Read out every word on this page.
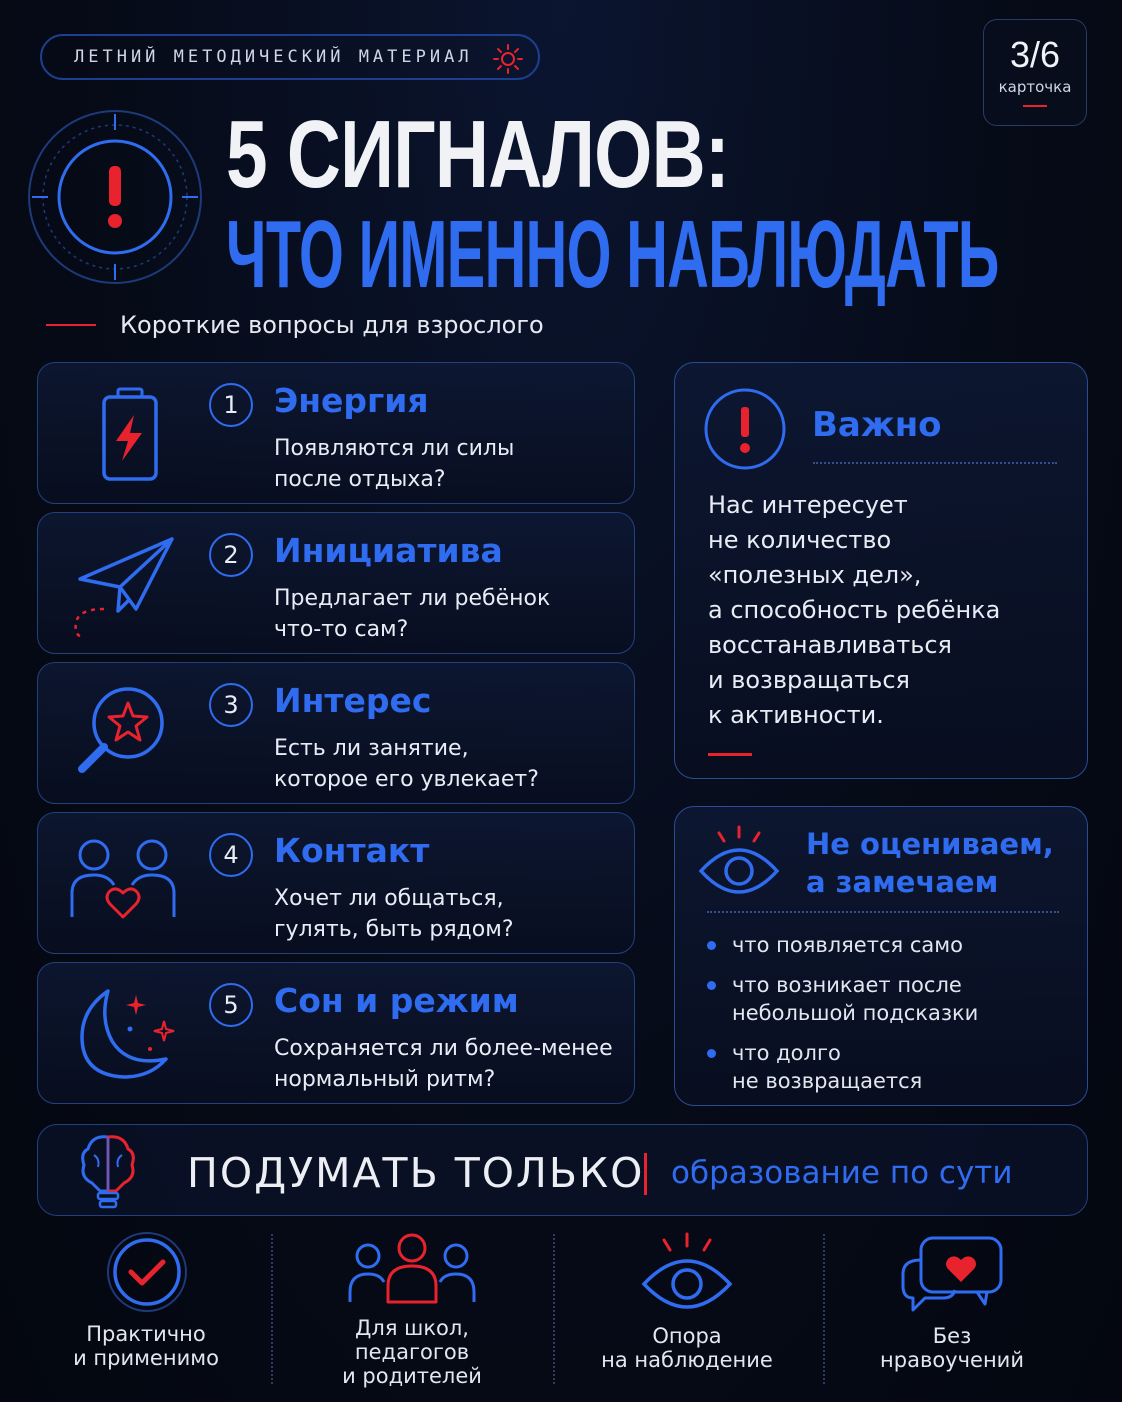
ЛЕТНИЙ МЕТОДИЧЕСКИЙ МАТЕРИАЛ	3/6
карточка
5 СИГНАЛОВ:
ЧТО ИМЕННО НАБЛЮДАТЬ
Короткие вопросы для взрослого
1	Энергия
Появляются ли силы
после отдыха?
2	Инициатива
Предлагает ли ребёнок
что-то сам?
3	Интерес
Есть ли занятие,
которое его увлекает?
4	Контакт
Хочет ли общаться,
гулять, быть рядом?
5	Сон и режим
Сохраняется ли более-менее
нормальный ритм?
Важно
Нас интересует
не количество
«полезных дел»,
а способность ребёнка
восстанавливаться
и возвращаться
к активности.
Не оцениваем,
а замечаем
что появляется само
что возникает после
небольшой подсказки
что долго
не возвращается
ПОДУМАТЬ ТОЛЬКО образование по сути
Практично
и применимо
Для школ,
педагогов
и родителей
Опора
на наблюдение
Без
нравоучений
